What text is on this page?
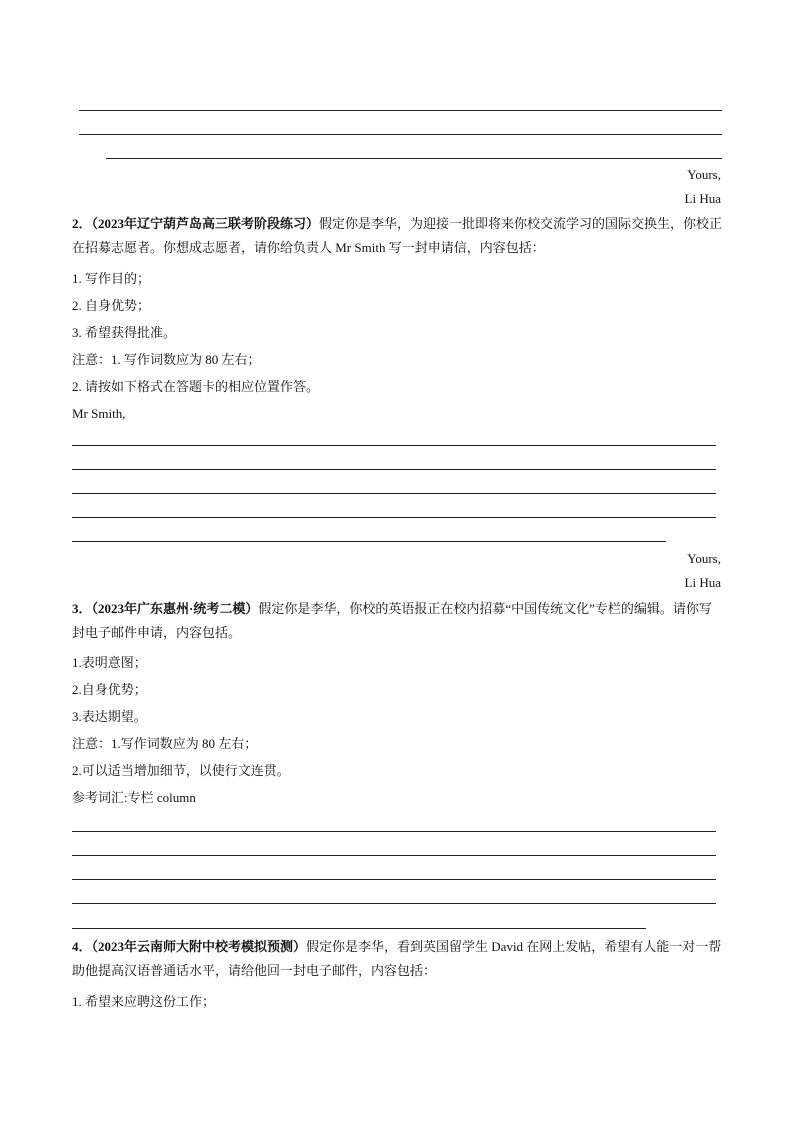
Yours,
Li Hua
2．（2023年辽宁葫芦岛高三联考阶段练习）假定你是李华，为迎接一批即将来你校交流学习的国际交换生，你校正在招募志愿者。你想成志愿者，请你给负责人 Mr Smith 写一封申请信，内容包括：
1. 写作目的；
2. 自身优势；
3. 希望获得批准。
注意：1. 写作词数应为 80 左右；
2. 请按如下格式在答题卡的相应位置作答。
Mr Smith,
Yours,
Li Hua
3．（2023年广东惠州·统考二模）假定你是李华，你校的英语报正在校内招募“中国传统文化”专栏的编辑。请你写封电子邮件申请，内容包括。
1.表明意图；
2.自身优势；
3.表达期望。
注意：1.写作词数应为 80 左右；
2.可以适当增加细节，以使行文连贯。
参考词汇:专栏 column
4．（2023年云南师大附中校考模拟预测）假定你是李华，看到英国留学生 David 在网上发帖，希望有人能一对一帮助他提高汉语普通话水平，请给他回一封电子邮件，内容包括：
1. 希望来应聘这份工作；
